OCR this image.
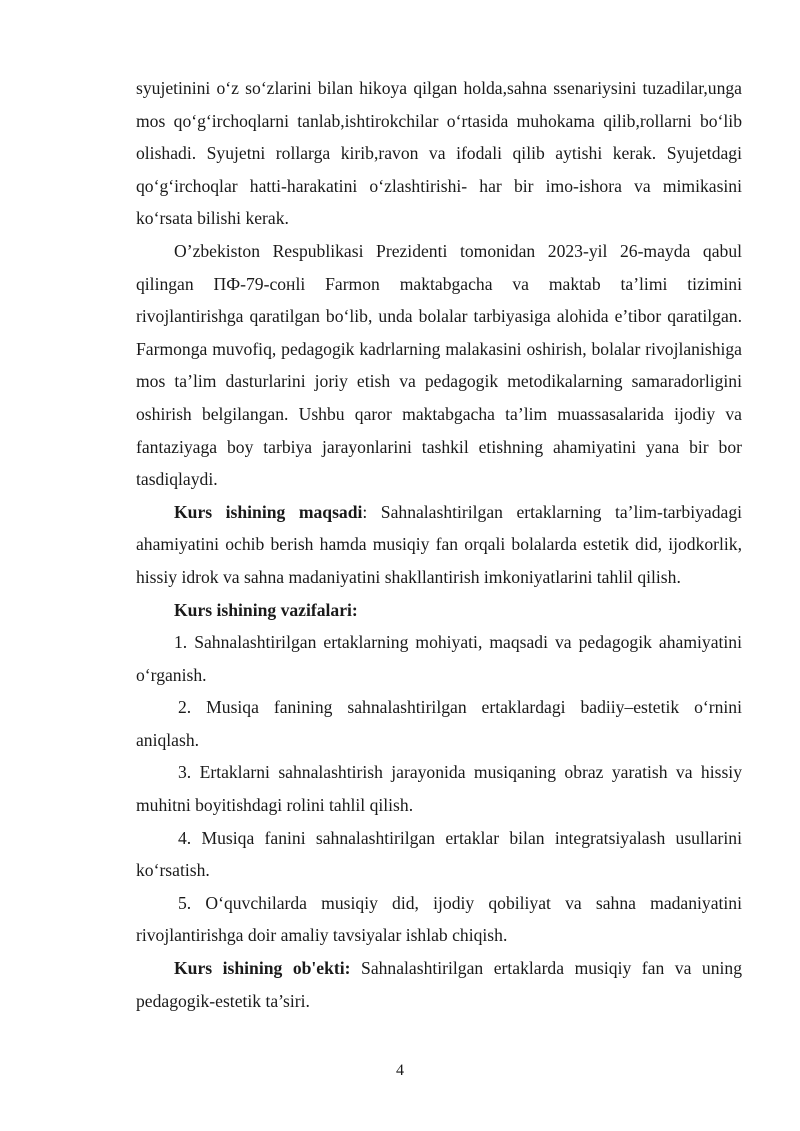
syujetinini o‘z so‘zlarini bilan hikoya qilgan holda,sahna ssenariysini tuzadilar,unga mos qo‘g‘irchoqlarni tanlab,ishtirokchilar o‘rtasida muhokama qilib,rollarni bo‘lib olishadi. Syujetni rollarga kirib,ravon va ifodali qilib aytishi kerak. Syujetdagi qo‘g‘irchoqlar hatti-harakatini o‘zlashtirishi- har bir imo-ishora va mimikasini ko‘rsata bilishi kerak.

O’zbekiston Respublikasi Prezidenti tomonidan 2023-yil 26-mayda qabul qilingan ПФ-79-сонli Farmon maktabgacha va maktab ta’limi tizimini rivojlantirishga qaratilgan bo‘lib, unda bolalar tarbiyasiga alohida e’tibor qaratilgan. Farmonga muvofiq, pedagogik kadrlarning malakasini oshirish, bolalar rivojlanishiga mos ta’lim dasturlarini joriy etish va pedagogik metodikalarning samaradorligini oshirish belgilangan. Ushbu qaror maktabgacha ta’lim muassasalarida ijodiy va fantaziyaga boy tarbiya jarayonlarini tashkil etishning ahamiyatini yana bir bor tasdiqlaydi.

Kurs ishining maqsadi: Sahnalashtirilgan ertaklarning ta’lim-tarbiyadagi ahamiyatini ochib berish hamda musiqiy fan orqali bolalarda estetik did, ijodkorlik, hissiy idrok va sahna madaniyatini shakllantirish imkoniyatlarini tahlil qilish.

Kurs ishining vazifalari:

1. Sahnalashtirilgan ertaklarning mohiyati, maqsadi va pedagogik ahamiyatini o‘rganish.

2. Musiqa fanining sahnalashtirilgan ertaklardagi badiiy–estetik o‘rnini aniqlash.

3. Ertaklarni sahnalashtirish jarayonida musiqaning obraz yaratish va hissiy muhitni boyitishdagi rolini tahlil qilish.

4. Musiqa fanini sahnalashtirilgan ertaklar bilan integratsiyalash usullarini ko‘rsatish.

5. O‘quvchilarda musiqiy did, ijodiy qobiliyat va sahna madaniyatini rivojlantirishga doir amaliy tavsiyalar ishlab chiqish.

Kurs ishining ob'ekti: Sahnalashtirilgan ertaklarda musiqiy fan va uning pedagogik-estetik ta’siri.

4
